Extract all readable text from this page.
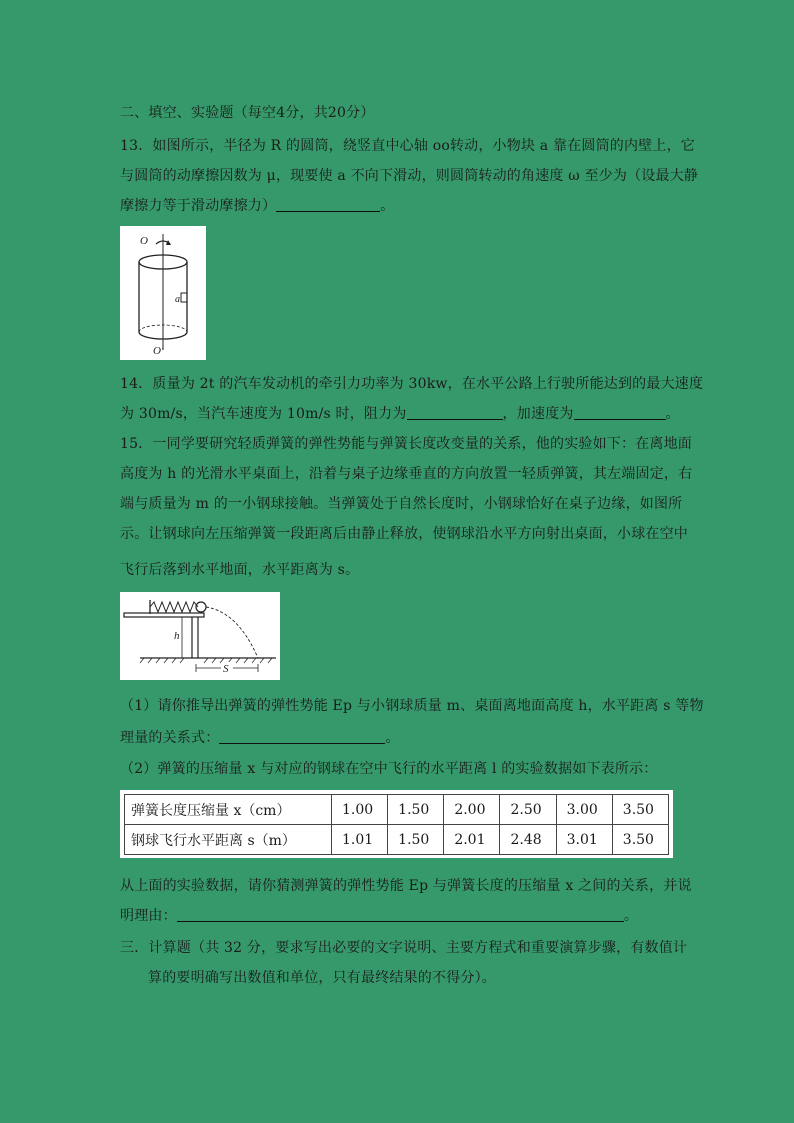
二、填空、实验题（每空4分，共20分）
13．如图所示，半径为 R 的圆筒，绕竖直中心轴 oo转动，小物块 a 靠在圆筒的内壁上，它
与圆筒的动摩擦因数为 μ，现要使 a 不向下滑动，则圆筒转动的角速度 ω 至少为（设最大静
摩擦力等于滑动摩擦力）	。
a
O
O′
14．质量为 2t 的汽车发动机的牵引力功率为 30kw，在水平公路上行驶所能达到的最大速度
为 30m/s，当汽车速度为 10m/s 时，阻力为	，加速度为	。
15．一同学要研究轻质弹簧的弹性势能与弹簧长度改变量的关系，他的实验如下：在离地面
高度为 h 的光滑水平桌面上，沿着与桌子边缘垂直的方向放置一轻质弹簧，其左端固定，右
端与质量为 m 的一小钢球接触。当弹簧处于自然长度时，小钢球恰好在桌子边缘，如图所
示。让钢球向左压缩弹簧一段距离后由静止释放，使钢球沿水平方向射出桌面，小球在空中
飞行后落到水平地面，水平距离为 s。
h
S
（1）请你推导出弹簧的弹性势能 Ep 与小钢球质量 m、桌面离地面高度 h，水平距离 s 等物
理量的关系式：	。
（2）弹簧的压缩量 x 与对应的钢球在空中飞行的水平距离 l 的实验数据如下表所示：
弹簧长度压缩量 x（cm）	1.00	1.50	2.00	2.50	3.00	3.50
钢球飞行水平距离 s（m）	1.01	1.50	2.01	2.48	3.01	3.50
从上面的实验数据，请你猜测弹簧的弹性势能 Ep 与弹簧长度的压缩量 x 之间的关系，并说
明理由：	。
三．计算题（共 32 分，要求写出必要的文字说明、主要方程式和重要演算步骤，有数值计
算的要明确写出数值和单位，只有最终结果的不得分）。
